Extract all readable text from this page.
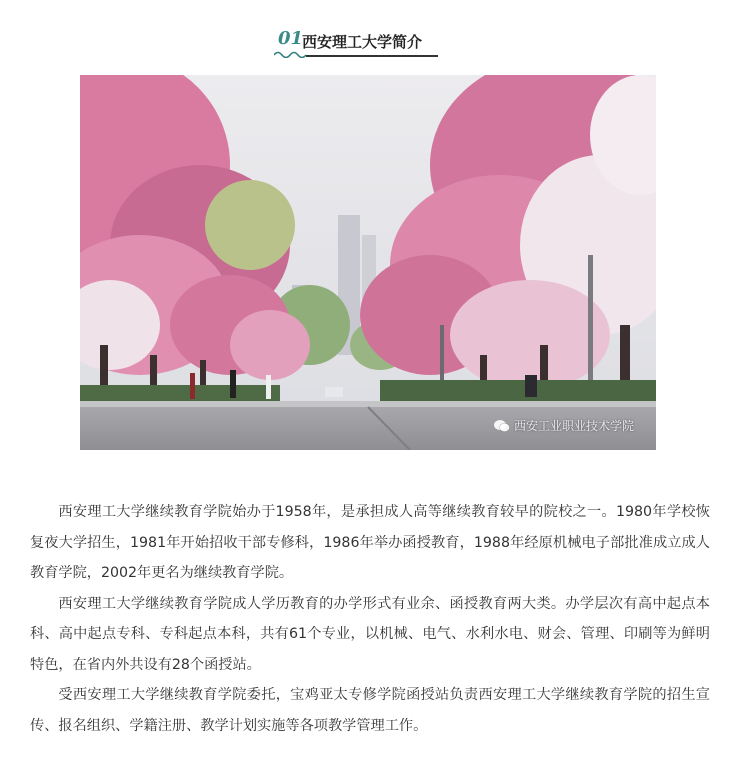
01
西安理工大学简介
西安工业职业技术学院

西安理工大学继续教育学院始办于1958年，是承担成人高等继续教育较早的院校之一。1980年学校恢复夜大学招生，1981年开始招收干部专修科，1986年举办函授教育，1988年经原机械电子部批准成立成人教育学院，2002年更名为继续教育学院。

西安理工大学继续教育学院成人学历教育的办学形式有业余、函授教育两大类。办学层次有高中起点本科、高中起点专科、专科起点本科，共有61个专业，以机械、电气、水利水电、财会、管理、印刷等为鲜明特色，在省内外共设有28个函授站。

受西安理工大学继续教育学院委托，宝鸡亚太专修学院函授站负责西安理工大学继续教育学院的招生宣传、报名组织、学籍注册、教学计划实施等各项教学管理工作。
